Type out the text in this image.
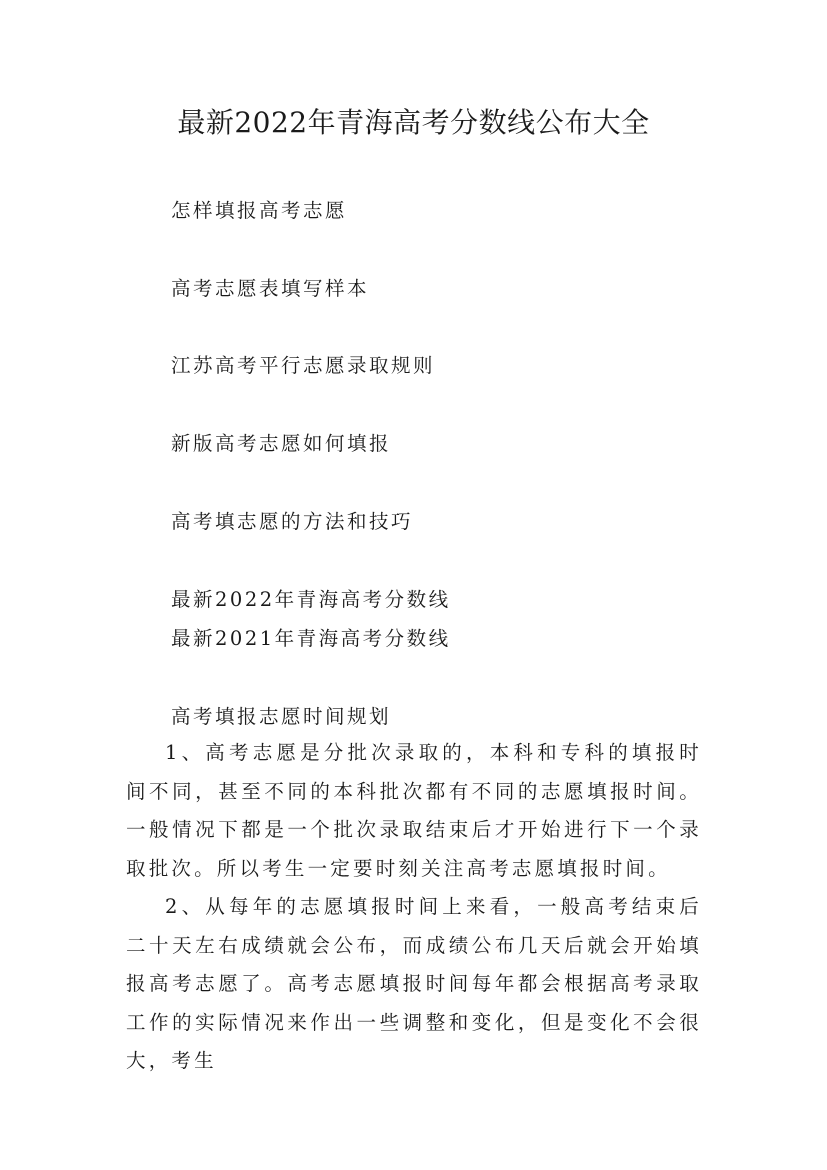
最新2022年青海高考分数线公布大全
怎样填报高考志愿
高考志愿表填写样本
江苏高考平行志愿录取规则
新版高考志愿如何填报
高考填志愿的方法和技巧
最新2022年青海高考分数线
最新2021年青海高考分数线
高考填报志愿时间规划

1、高考志愿是分批次录取的，本科和专科的填报时间不同，甚至不同的本科批次都有不同的志愿填报时间。一般情况下都是一个批次录取结束后才开始进行下一个录取批次。所以考生一定要时刻关注高考志愿填报时间。

2、从每年的志愿填报时间上来看，一般高考结束后二十天左右成绩就会公布，而成绩公布几天后就会开始填报高考志愿了。高考志愿填报时间每年都会根据高考录取工作的实际情况来作出一些调整和变化，但是变化不会很大，考生
